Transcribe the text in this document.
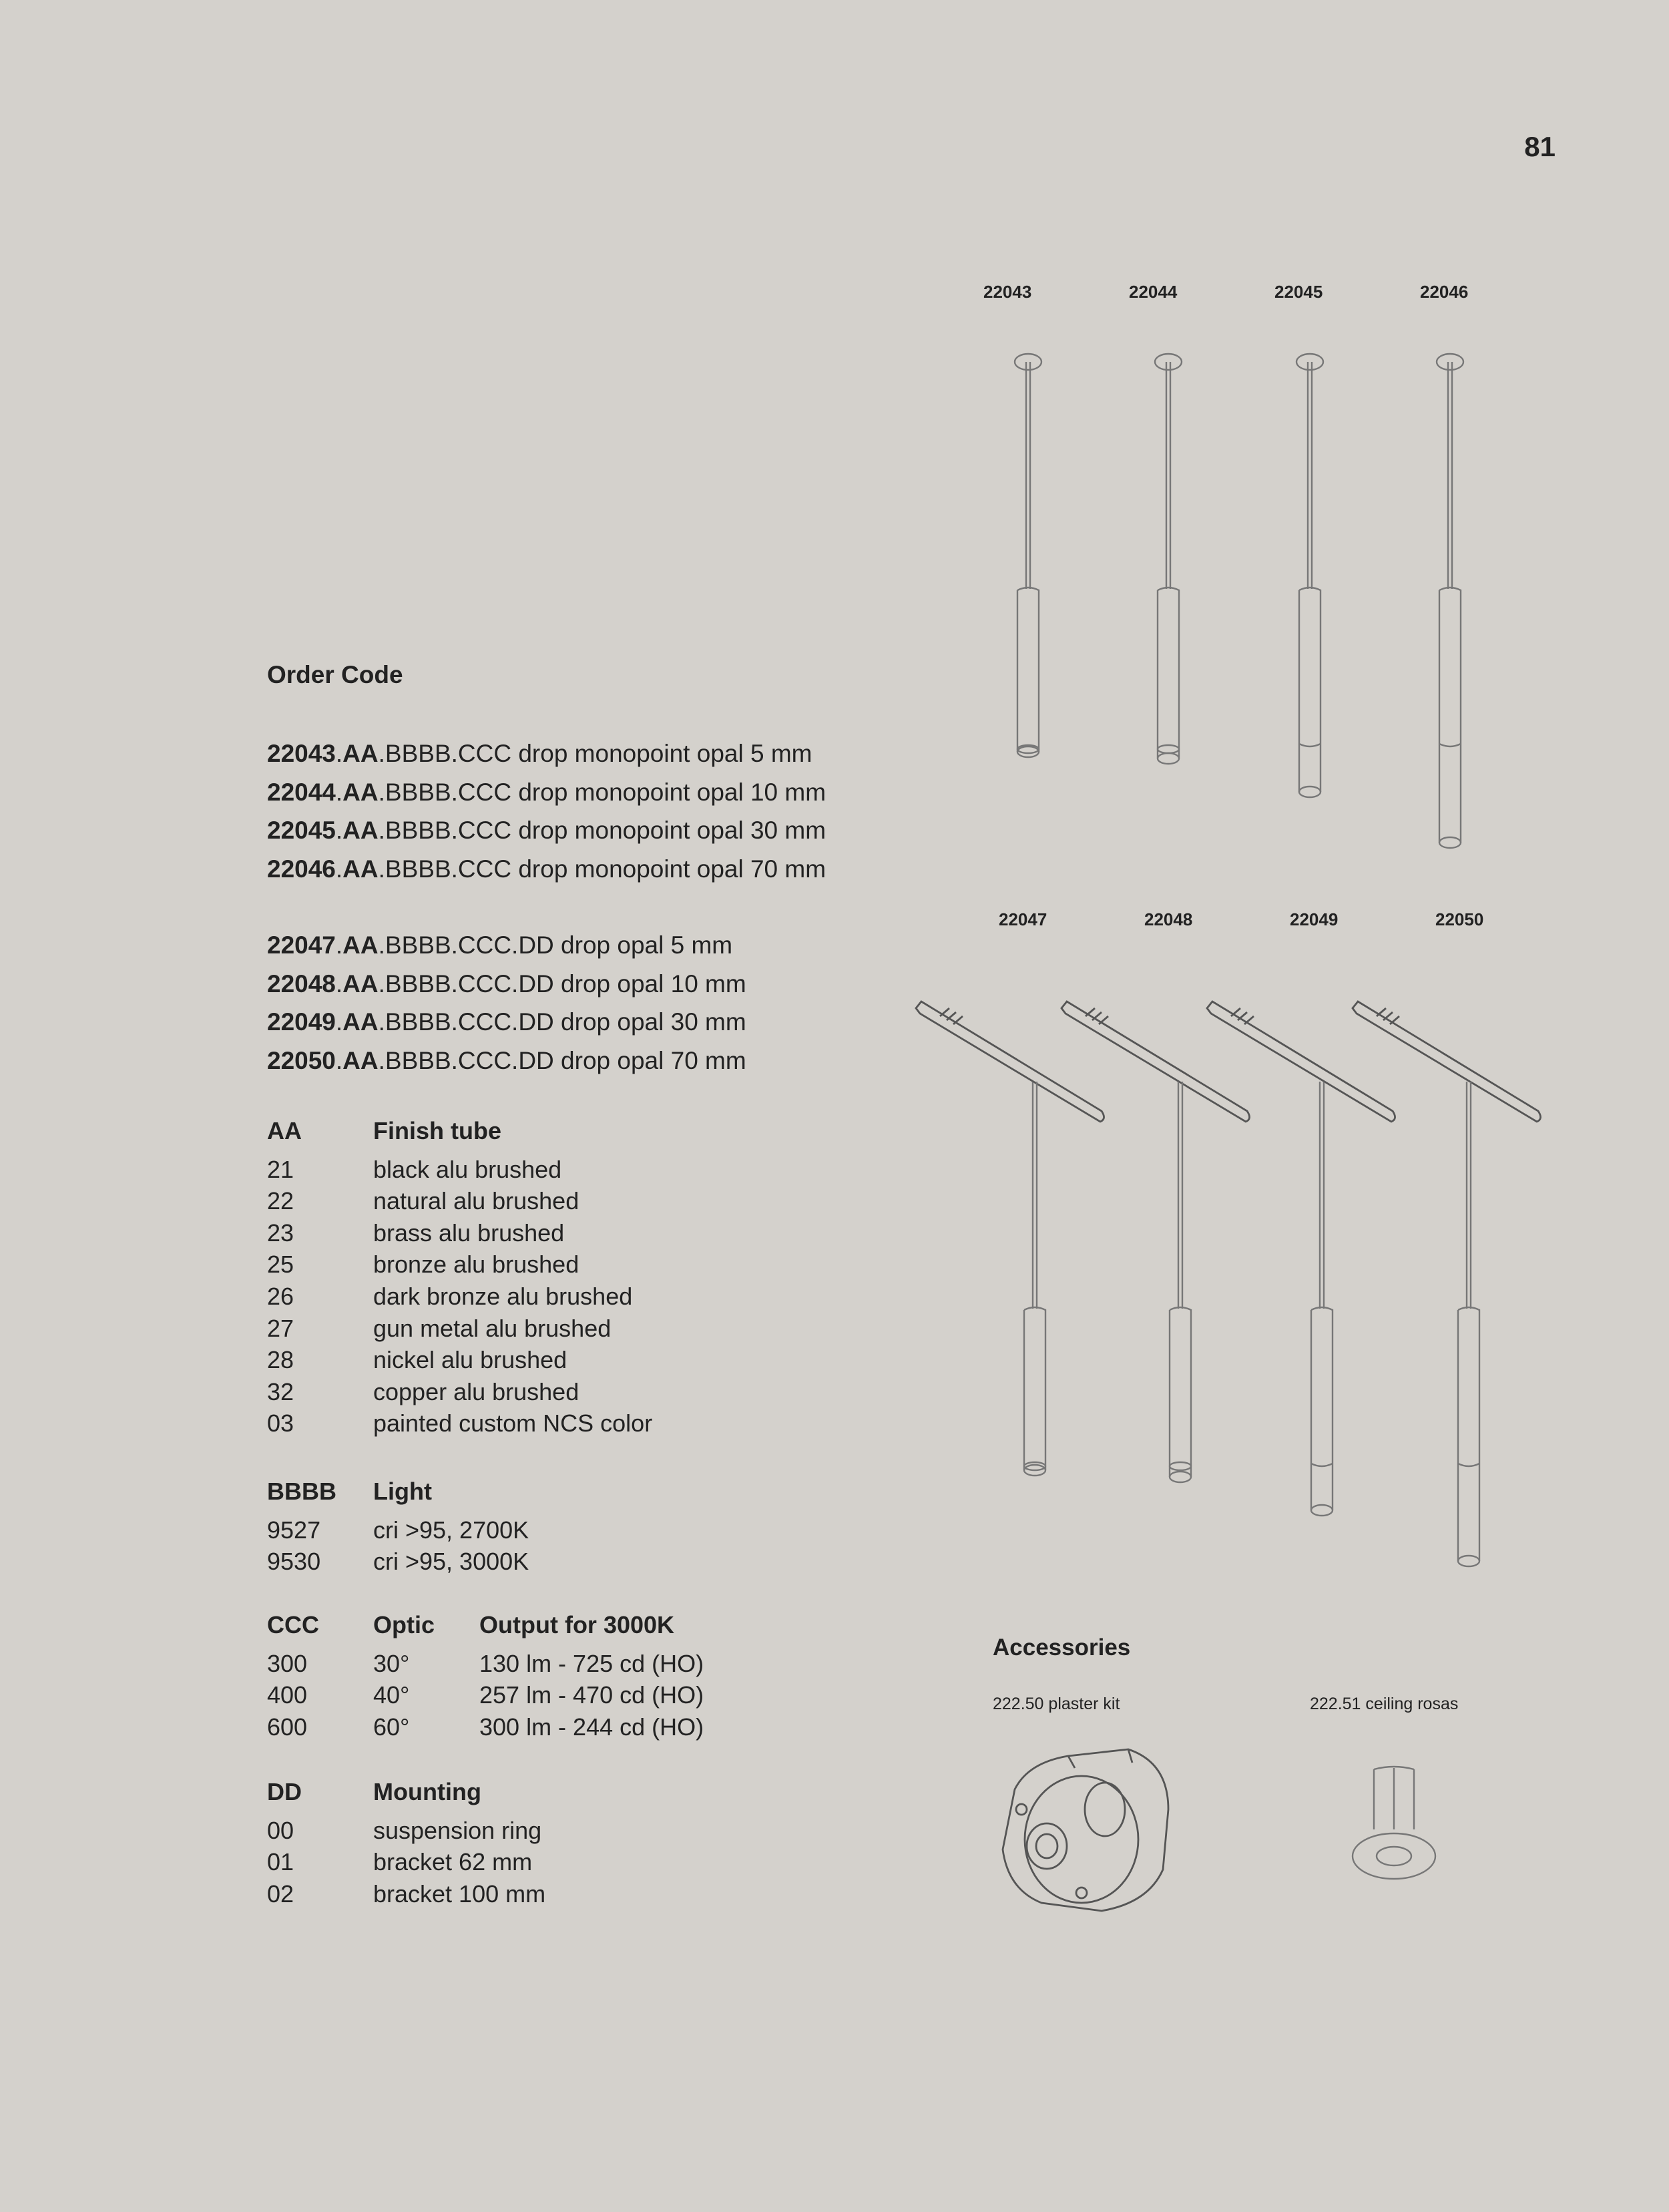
81
Order Code
22043.AA.BBBB.CCC drop monopoint opal 5 mm
22044.AA.BBBB.CCC drop monopoint opal 10 mm
22045.AA.BBBB.CCC drop monopoint opal 30 mm
22046.AA.BBBB.CCC drop monopoint opal 70 mm
22047.AA.BBBB.CCC.DD drop opal 5 mm
22048.AA.BBBB.CCC.DD drop opal 10 mm
22049.AA.BBBB.CCC.DD drop opal 30 mm
22050.AA.BBBB.CCC.DD drop opal 70 mm
AA	Finish tube
21	black alu brushed
22	natural alu brushed
23	brass alu brushed
25	bronze alu brushed
26	dark bronze alu brushed
27	gun metal alu brushed
28	nickel alu brushed
32	copper alu brushed
03	painted custom NCS color
BBBB	Light
9527	cri >95, 2700K
9530	cri >95, 3000K
CCC	Optic	Output for 3000K
300	30°	130 lm - 725 cd (HO)
400	40°	257 lm - 470 cd (HO)
600	60°	300 lm - 244 cd (HO)
DD	Mounting
00	suspension ring
01	bracket 62 mm
02	bracket 100 mm
22043	22044	22045	22046
22047	22048	22049	22050
Accessories
222.50 plaster kit	222.51 ceiling rosas
